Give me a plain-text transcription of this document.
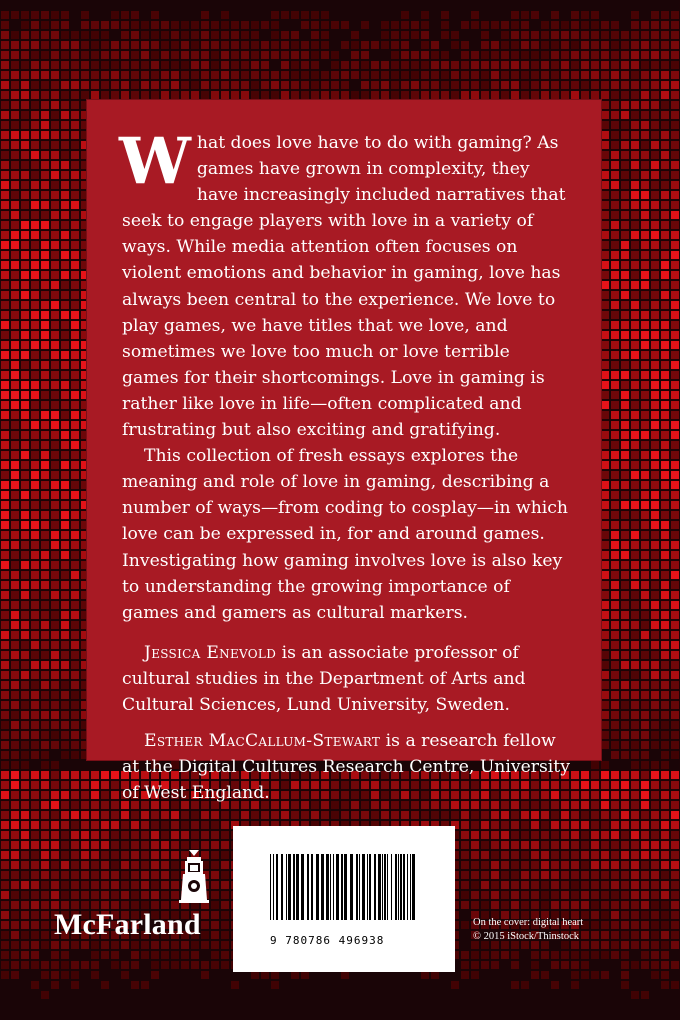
What does love have to do with gaming? As games have grown in complexity, they have increasingly included narratives that seek to engage players with love in a variety of ways. While media attention often focuses on violent emotions and behavior in gaming, love has always been central to the experience. We love to play games, we have titles that we love, and sometimes we love too much or love terrible games for their shortcomings. Love in gaming is rather like love in life—often complicated and frustrating but also exciting and gratifying.

This collection of fresh essays explores the meaning and role of love in gaming, describing a number of ways—from coding to cosplay—in which love can be expressed in, for and around games. Investigating how gaming involves love is also key to understanding the growing importance of games and gamers as cultural markers.

Jessica Enevold is an associate professor of cultural studies in the Department of Arts and Cultural Sciences, Lund University, Sweden.

Esther MacCallum-Stewart is a research fellow at the Digital Cultures Research Centre, University of West England.

9 780786 496938
McFarland	On the cover: digital heart
© 2015 iStock/Thinstock
